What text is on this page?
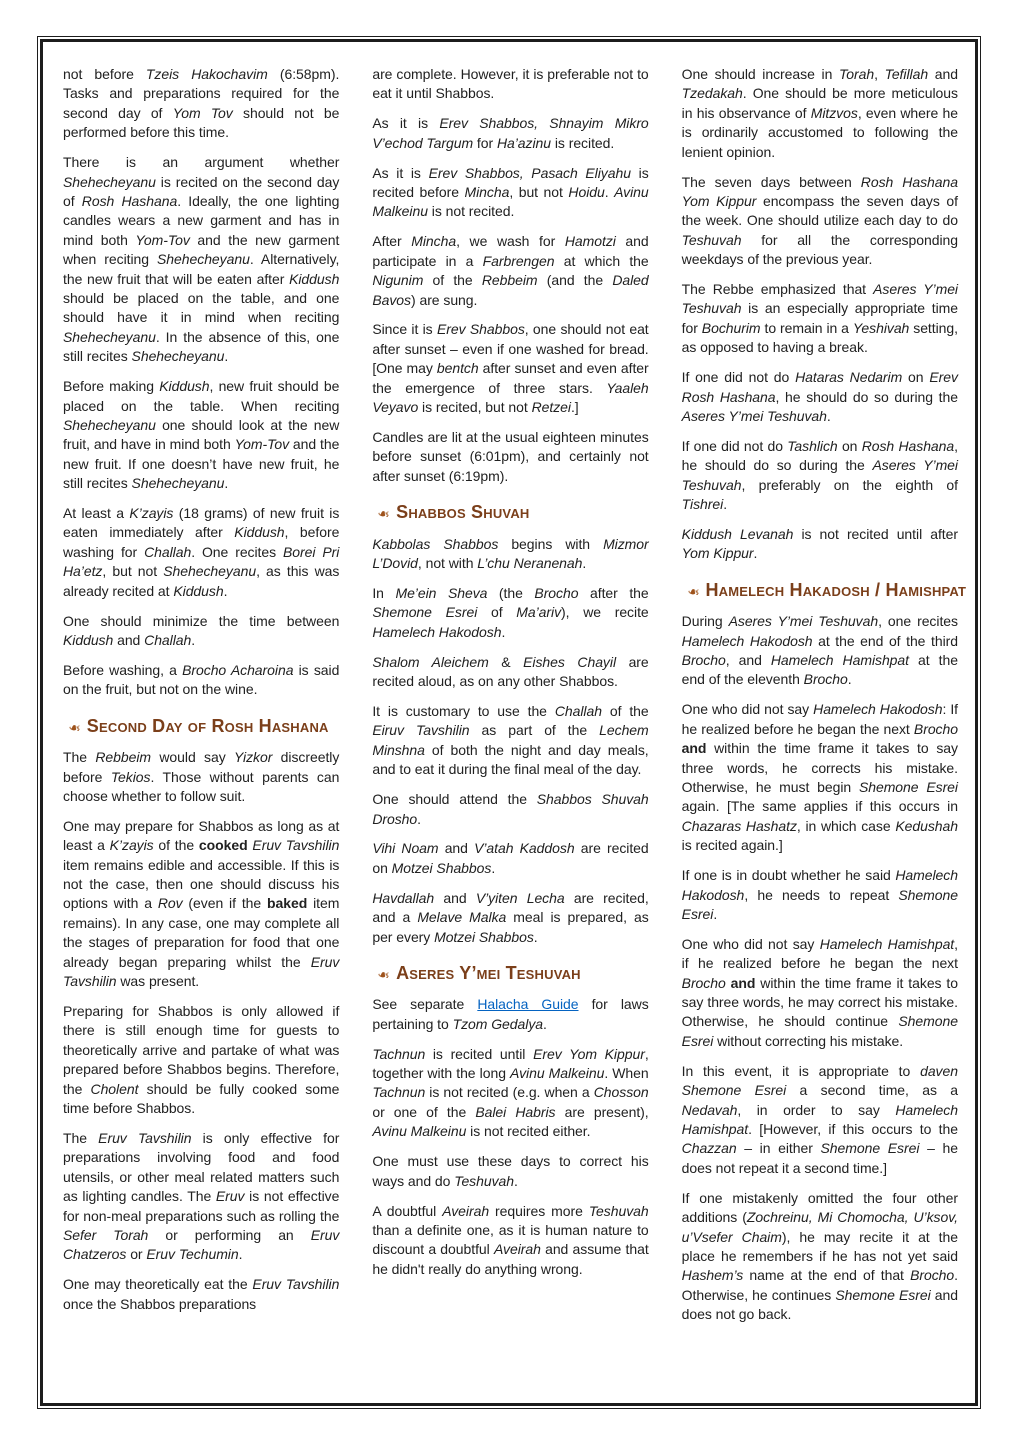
not before Tzeis Hakochavim (6:58pm). Tasks and preparations required for the second day of Yom Tov should not be performed before this time.

There is an argument whether Shehecheyanu is recited on the second day of Rosh Hashana. Ideally, the one lighting candles wears a new garment and has in mind both Yom-Tov and the new garment when reciting Shehecheyanu. Alternatively, the new fruit that will be eaten after Kiddush should be placed on the table, and one should have it in mind when reciting Shehecheyanu. In the absence of this, one still recites Shehecheyanu.

Before making Kiddush, new fruit should be placed on the table. When reciting Shehecheyanu one should look at the new fruit, and have in mind both Yom-Tov and the new fruit. If one doesn’t have new fruit, he still recites Shehecheyanu.

At least a K’zayis (18 grams) of new fruit is eaten immediately after Kiddush, before washing for Challah. One recites Borei Pri Ha’etz, but not Shehecheyanu, as this was already recited at Kiddush.

One should minimize the time between Kiddush and Challah.

Before washing, a Brocho Acharoina is said on the fruit, but not on the wine.

❧ Second Day of Rosh Hashana

The Rebbeim would say Yizkor discreetly before Tekios. Those without parents can choose whether to follow suit.

One may prepare for Shabbos as long as at least a K’zayis of the cooked Eruv Tavshilin item remains edible and accessible. If this is not the case, then one should discuss his options with a Rov (even if the baked item remains). In any case, one may complete all the stages of preparation for food that one already began preparing whilst the Eruv Tavshilin was present.

Preparing for Shabbos is only allowed if there is still enough time for guests to theoretically arrive and partake of what was prepared before Shabbos begins. Therefore, the Cholent should be fully cooked some time before Shabbos.

The Eruv Tavshilin is only effective for preparations involving food and food utensils, or other meal related matters such as lighting candles. The Eruv is not effective for non-meal preparations such as rolling the Sefer Torah or performing an Eruv Chatzeros or Eruv Techumin.

One may theoretically eat the Eruv Tavshilin once the Shabbos preparations

are complete. However, it is preferable not to eat it until Shabbos.

As it is Erev Shabbos, Shnayim Mikro V’echod Targum for Ha’azinu is recited.

As it is Erev Shabbos, Pasach Eliyahu is recited before Mincha, but not Hoidu. Avinu Malkeinu is not recited.

After Mincha, we wash for Hamotzi and participate in a Farbrengen at which the Nigunim of the Rebbeim (and the Daled Bavos) are sung.

Since it is Erev Shabbos, one should not eat after sunset – even if one washed for bread. [One may bentch after sunset and even after the emergence of three stars. Yaaleh Veyavo is recited, but not Retzei.]

Candles are lit at the usual eighteen minutes before sunset (6:01pm), and certainly not after sunset (6:19pm).

❧ Shabbos Shuvah

Kabbolas Shabbos begins with Mizmor L’Dovid, not with L’chu Neranenah.

In Me’ein Sheva (the Brocho after the Shemone Esrei of Ma’ariv), we recite Hamelech Hakodosh.

Shalom Aleichem & Eishes Chayil are recited aloud, as on any other Shabbos.

It is customary to use the Challah of the Eiruv Tavshilin as part of the Lechem Minshna of both the night and day meals, and to eat it during the final meal of the day.

One should attend the Shabbos Shuvah Drosho.

Vihi Noam and V’atah Kaddosh are recited on Motzei Shabbos.

Havdallah and V’yiten Lecha are recited, and a Melave Malka meal is prepared, as per every Motzei Shabbos.

❧ Aseres Y’mei Teshuvah

See separate Halacha Guide for laws pertaining to Tzom Gedalya.

Tachnun is recited until Erev Yom Kippur, together with the long Avinu Malkeinu. When Tachnun is not recited (e.g. when a Chosson or one of the Balei Habris are present), Avinu Malkeinu is not recited either.

One must use these days to correct his ways and do Teshuvah.

A doubtful Aveirah requires more Teshuvah than a definite one, as it is human nature to discount a doubtful Aveirah and assume that he didn't really do anything wrong.

One should increase in Torah, Tefillah and Tzedakah. One should be more meticulous in his observance of Mitzvos, even where he is ordinarily accustomed to following the lenient opinion.

The seven days between Rosh Hashana Yom Kippur encompass the seven days of the week. One should utilize each day to do Teshuvah for all the corresponding weekdays of the previous year.

The Rebbe emphasized that Aseres Y’mei Teshuvah is an especially appropriate time for Bochurim to remain in a Yeshivah setting, as opposed to having a break.

If one did not do Hataras Nedarim on Erev Rosh Hashana, he should do so during the Aseres Y’mei Teshuvah.

If one did not do Tashlich on Rosh Hashana, he should do so during the Aseres Y’mei Teshuvah, preferably on the eighth of Tishrei.

Kiddush Levanah is not recited until after Yom Kippur.

❧ Hamelech Hakadosh / Hamishpat

During Aseres Y’mei Teshuvah, one recites Hamelech Hakodosh at the end of the third Brocho, and Hamelech Hamishpat at the end of the eleventh Brocho.

One who did not say Hamelech Hakodosh: If he realized before he began the next Brocho and within the time frame it takes to say three words, he corrects his mistake. Otherwise, he must begin Shemone Esrei again. [The same applies if this occurs in Chazaras Hashatz, in which case Kedushah is recited again.]

If one is in doubt whether he said Hamelech Hakodosh, he needs to repeat Shemone Esrei.

One who did not say Hamelech Hamishpat, if he realized before he began the next Brocho and within the time frame it takes to say three words, he may correct his mistake. Otherwise, he should continue Shemone Esrei without correcting his mistake.

In this event, it is appropriate to daven Shemone Esrei a second time, as a Nedavah, in order to say Hamelech Hamishpat. [However, if this occurs to the Chazzan – in either Shemone Esrei – he does not repeat it a second time.]

If one mistakenly omitted the four other additions (Zochreinu, Mi Chomocha, U’ksov, u’Vsefer Chaim), he may recite it at the place he remembers if he has not yet said Hashem’s name at the end of that Brocho. Otherwise, he continues Shemone Esrei and does not go back.
